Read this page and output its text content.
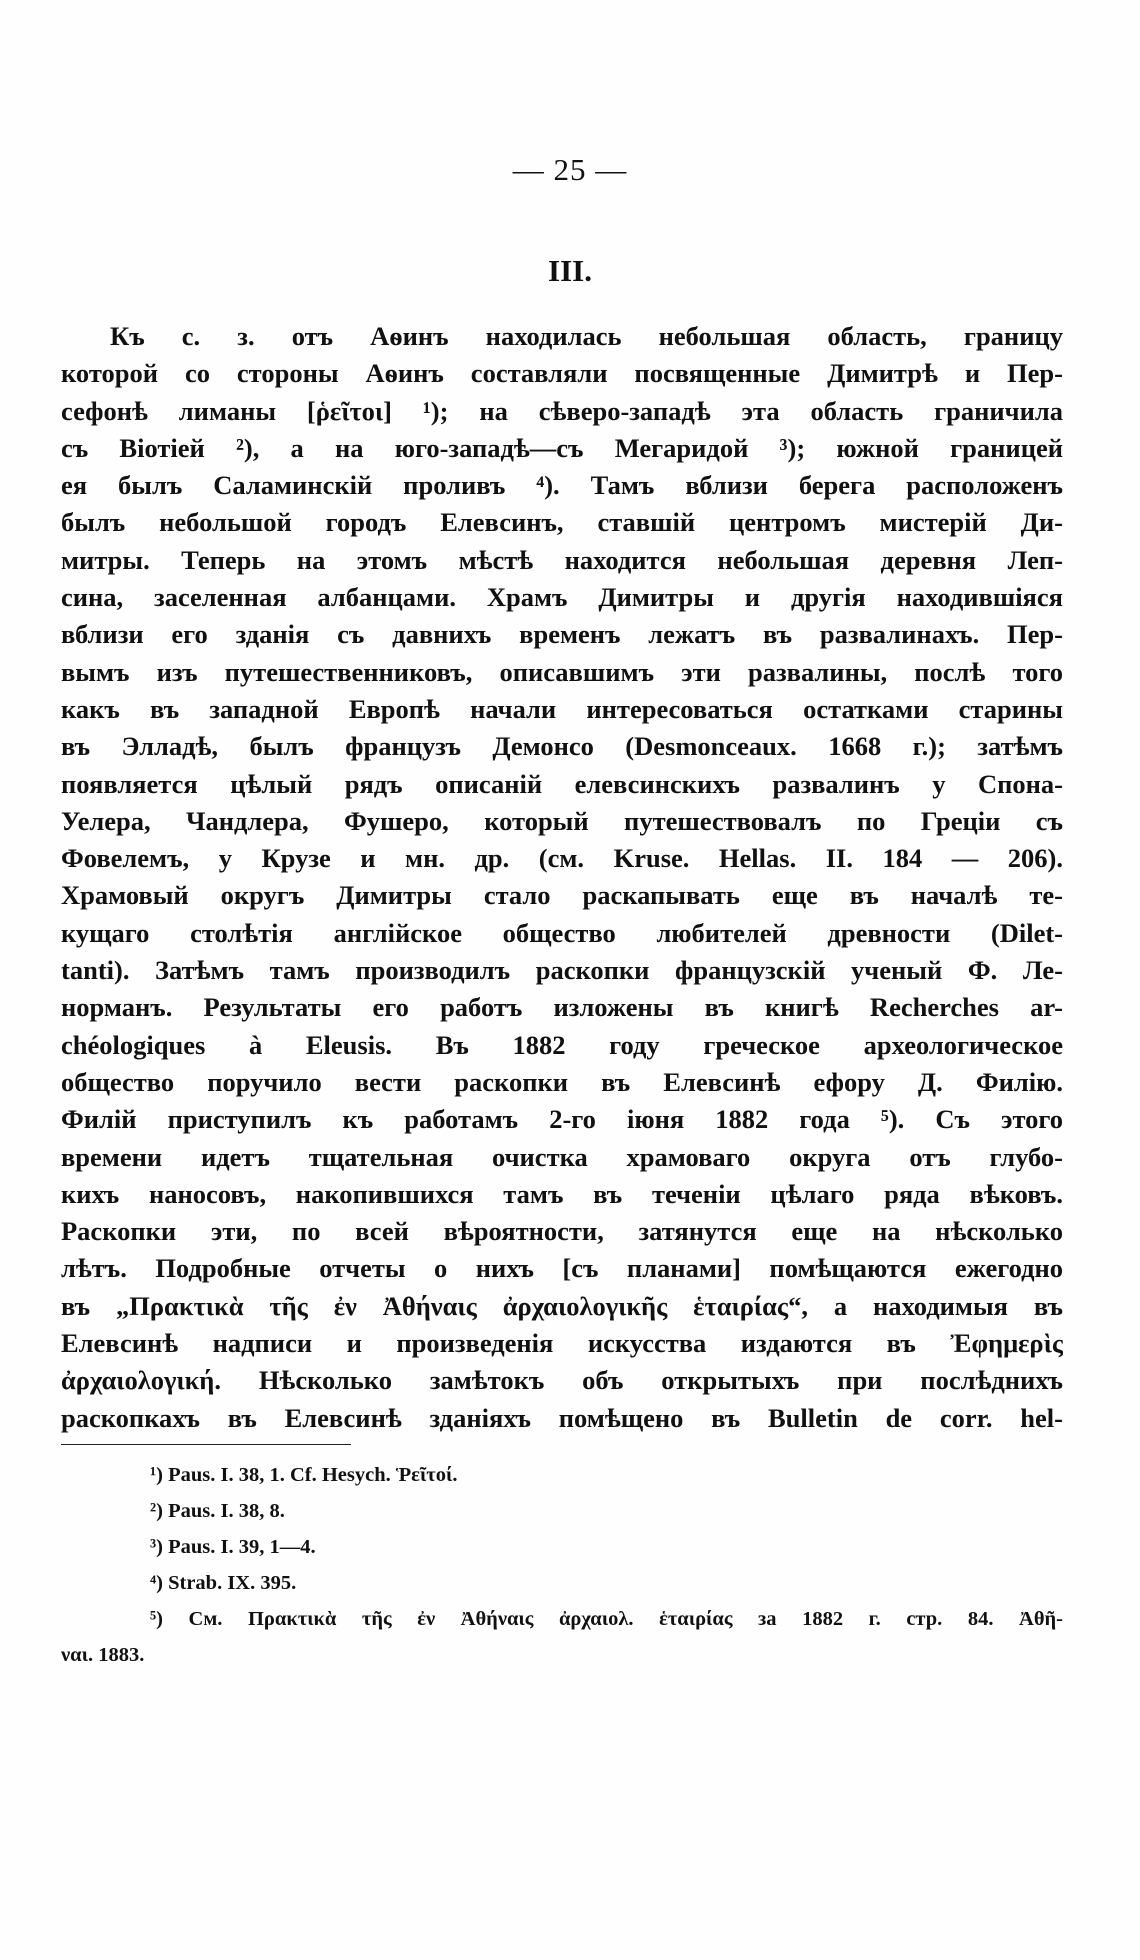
— 25 —
III.
Къ с. з. отъ Аѳинъ находилась небольшая область, границу
которой со стороны Аѳинъ составляли посвященные Димитрѣ и Пер-
сефонѣ лиманы [ῥεῖτοι] ¹); на сѣверо-западѣ эта область граничила
съ Віотіей ²), а на юго-западѣ—съ Мегаридой ³); южной границей
ея былъ Саламинскій проливъ ⁴). Тамъ вблизи берега расположенъ
былъ небольшой городъ Елевсинъ, ставшій центромъ мистерій Ди-
митры. Теперь на этомъ мѣстѣ находится небольшая деревня Леп-
сина, заселенная албанцами. Храмъ Димитры и другія находившіяся
вблизи его зданія съ давнихъ временъ лежатъ въ развалинахъ. Пер-
вымъ изъ путешественниковъ, описавшимъ эти развалины, послѣ того
какъ въ западной Европѣ начали интересоваться остатками старины
въ Элладѣ, былъ французъ Демонсо (Desmonceaux. 1668 г.); затѣмъ
появляется цѣлый рядъ описаній елевсинскихъ развалинъ у Спона-
Уелера, Чандлера, Фушеро, который путешествовалъ по Греціи съ
Фовелемъ, у Крузе и мн. др. (см. Kruse. Hellas. II. 184 — 206).
Храмовый округъ Димитры стало раскапывать еще въ началѣ те-
кущаго столѣтія англійское общество любителей древности (Dilet-
tanti). Затѣмъ тамъ производилъ раскопки французскій ученый Ф. Ле-
норманъ. Результаты его работъ изложены въ книгѣ Recherches ar-
chéologiques à Eleusis. Въ 1882 году греческое археологическое
общество поручило вести раскопки въ Елевсинѣ ефору Д. Филію.
Филій приступилъ къ работамъ 2-го іюня 1882 года ⁵). Съ этого
времени идетъ тщательная очистка храмоваго округа отъ глубо-
кихъ наносовъ, накопившихся тамъ въ теченіи цѣлаго ряда вѣковъ.
Раскопки эти, по всей вѣроятности, затянутся еще на нѣсколько
лѣтъ. Подробные отчеты о нихъ [съ планами] помѣщаются ежегодно
въ „Πρακτικὰ τῆς ἐν Ἀθήναις ἀρχαιολογικῆς ἑταιρίας“, а находимыя въ
Елевсинѣ надписи и произведенія искусства издаются въ Ἐφημερὶς
ἀρχαιολογική. Нѣсколько замѣтокъ объ открытыхъ при послѣднихъ
раскопкахъ въ Елевсинѣ зданіяхъ помѣщено въ Bulletin de corr. hel-
¹) Paus. I. 38, 1. Cf. Hesych. Ῥεῖτοί.
²) Paus. I. 38, 8.
³) Paus. I. 39, 1—4.
⁴) Strab. IX. 395.
⁵) См. Πρακτικὰ τῆς ἐν Ἀθήναις ἀρχαιολ. ἑταιρίας за 1882 г. стр. 84. Ἀθῆ-
ναι. 1883.
